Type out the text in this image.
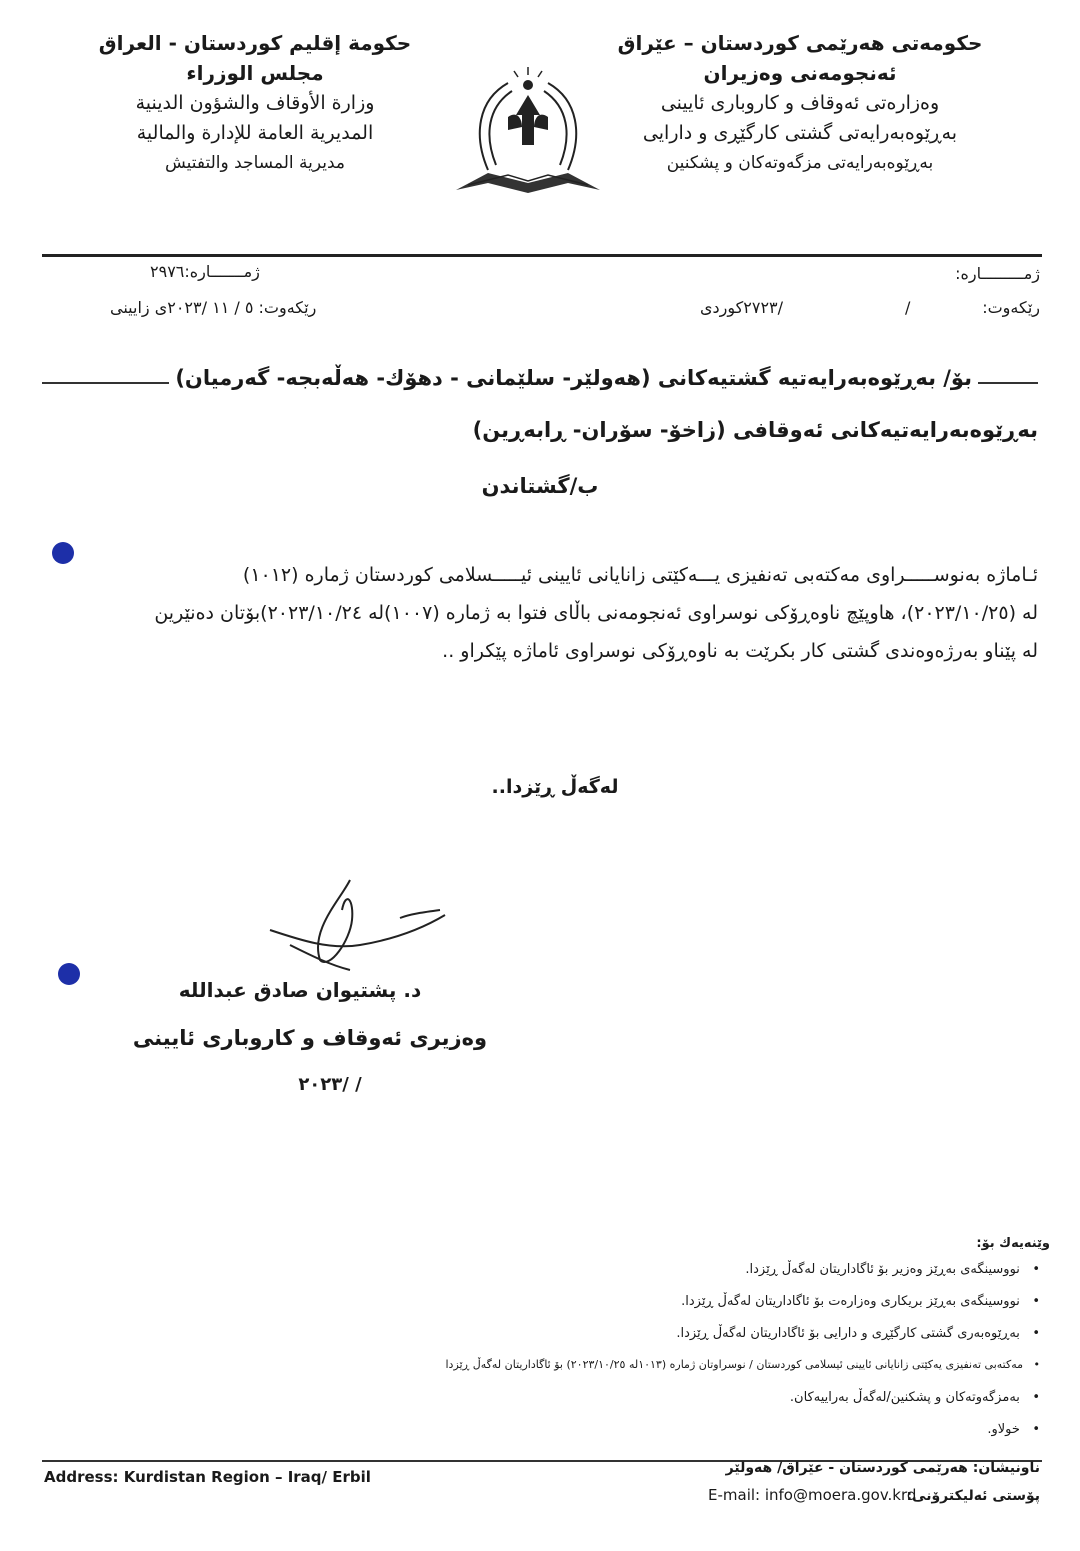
حکومەتی هەرێمی کوردستان – عێراق
ئەنجومەنی وەزیران
وەزارەتی ئەوقاف و کاروباری ئایینی
بەڕێوەبەرایەتی گشتی کارگێڕی و دارایی
بەڕێوەبەرایەتی مزگەوتەکان و پشکنین
حكومة إقليم كوردستان - العراق
مجلس الوزراء
وزارة الأوقاف والشؤون الدينية
المديرية العامة للإدارة والمالية
مديرية المساجد والتفتيش
ژمـــــــــارە:
رێکەوت:
/
/٢٧٢٣كوردی
ژمـــــــارە:٢٩٧٦
رێکەوت: ٥ / ١١ /٢٠٢٣ی زایینی
بۆ/ بەڕێوەبەرایەتیە گشتیەکانی (هەولێر- سلێمانی - دهۆك- هەڵەبجە- گەرمیان)
بەڕێوەبەرایەتیەکانی ئەوقافی (زاخۆ- سۆران- ڕابەڕین)
ب/گشتاندن
ئـاماژە بەنوســـــراوی مەکتەبی تەنفیزی یـــەکێتی زانایانی ئایینی ئیـــــسلامی کوردستان ژمارە (١٠١٢)
لە (٢٠٢٣/١٠/٢٥)، هاوپێچ ناوەڕۆکی نوسراوی ئەنجومەنی باڵای فتوا بە ژمارە (١٠٠٧)لە ٢٠٢٣/١٠/٢٤)بۆتان دەنێرین
لە پێناو بەرژەوەندی گشتی کار بکرێت بە ناوەڕۆکی نوسراوی ئاماژە پێکراو ..
لەگەڵ ڕێزدا..
د. پشتیوان صادق عبدالله
وەزیری ئەوقاف و کاروباری ئایینی
/ /٢٠٢٣
وێنەیەك بۆ:
•   نووسینگەی بەڕێز وەزیر بۆ ئاگاداریتان لەگەڵ ڕێزدا.
•   نووسینگەی بەڕێز بریکاری وەزارەت بۆ ئاگاداریتان لەگەڵ ڕێزدا.
•   بەڕێوەبەری گشتی کارگێڕی و دارایی بۆ ئاگاداریتان لەگەڵ ڕێزدا.
•   مەکتەبی تەنفیزی یەکێتی زانایانی ئایینی ئیسلامی کوردستان / نوسراوتان ژمارە (١٠١٣لە ٢٠٢٣/١٠/٢٥) بۆ ئاگاداریتان لەگەڵ ڕێزدا
•   بەمزگەوتەکان و پشکنین/لەگەڵ بەراییەکان.
•   خولاو.
Address: Kurdistan Region – Iraq/ Erbil	ناونیشان: هەرێمی کوردستان - عێراق/ هەولێر
پۆستی ئەلیکترۆنی:
E-mail: info@moera.gov.krd
